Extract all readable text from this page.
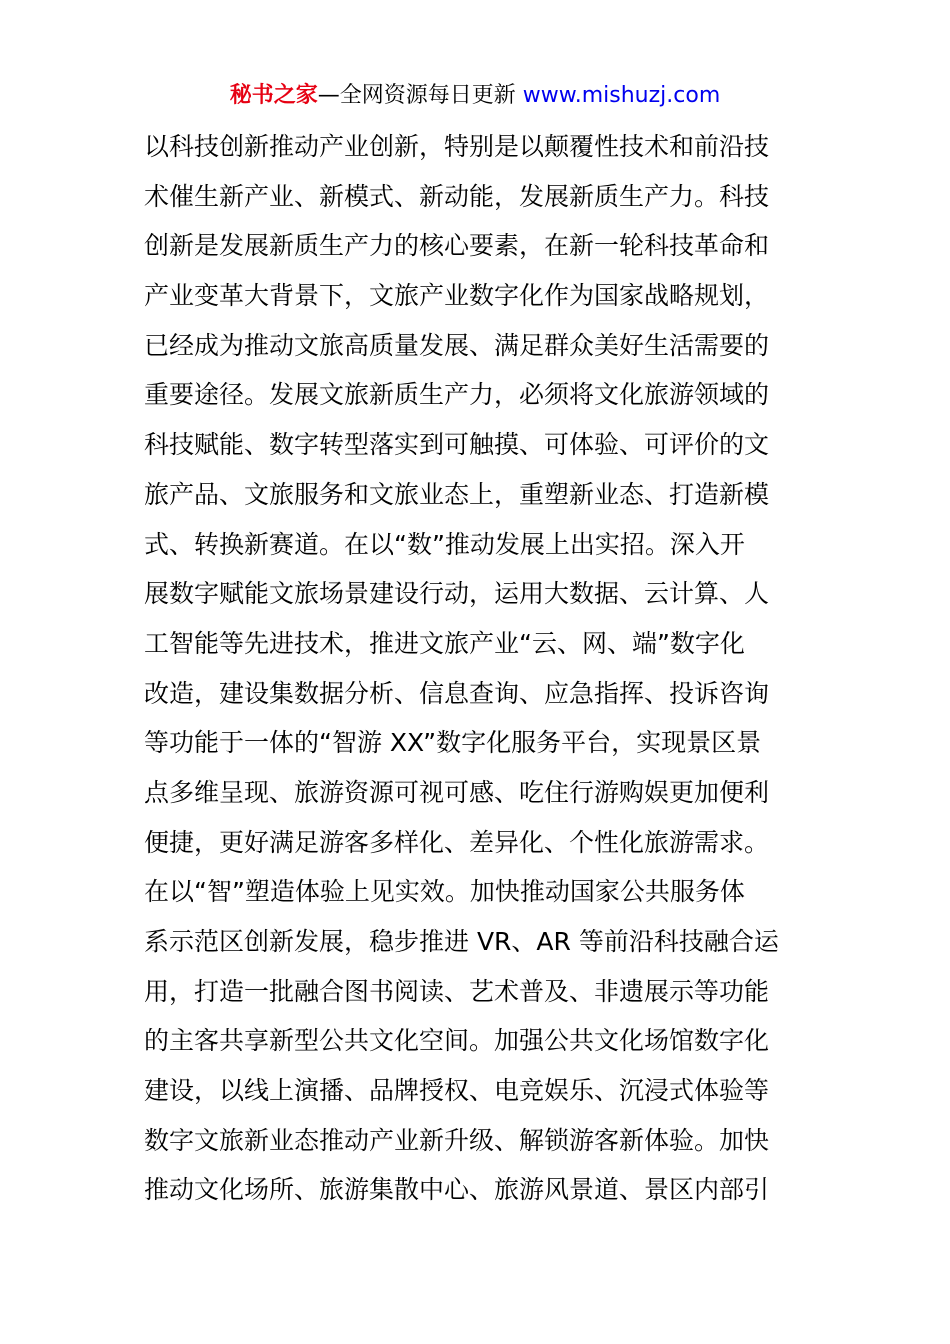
秘书之家—全网资源每日更新 www.mishuzj.com
以科技创新推动产业创新，特别是以颠覆性技术和前沿技
术催生新产业、新模式、新动能，发展新质生产力。科技
创新是发展新质生产力的核心要素，在新一轮科技革命和
产业变革大背景下，文旅产业数字化作为国家战略规划，
已经成为推动文旅高质量发展、满足群众美好生活需要的
重要途径。发展文旅新质生产力，必须将文化旅游领域的
科技赋能、数字转型落实到可触摸、可体验、可评价的文
旅产品、文旅服务和文旅业态上，重塑新业态、打造新模
式、转换新赛道。在以“数”推动发展上出实招。深入开
展数字赋能文旅场景建设行动，运用大数据、云计算、人
工智能等先进技术，推进文旅产业“云、网、端”数字化
改造，建设集数据分析、信息查询、应急指挥、投诉咨询
等功能于一体的“智游 XX”数字化服务平台，实现景区景
点多维呈现、旅游资源可视可感、吃住行游购娱更加便利
便捷，更好满足游客多样化、差异化、个性化旅游需求。
在以“智”塑造体验上见实效。加快推动国家公共服务体
系示范区创新发展，稳步推进 VR、AR 等前沿科技融合运
用，打造一批融合图书阅读、艺术普及、非遗展示等功能
的主客共享新型公共文化空间。加强公共文化场馆数字化
建设，以线上演播、品牌授权、电竞娱乐、沉浸式体验等
数字文旅新业态推动产业新升级、解锁游客新体验。加快
推动文化场所、旅游集散中心、旅游风景道、景区内部引
